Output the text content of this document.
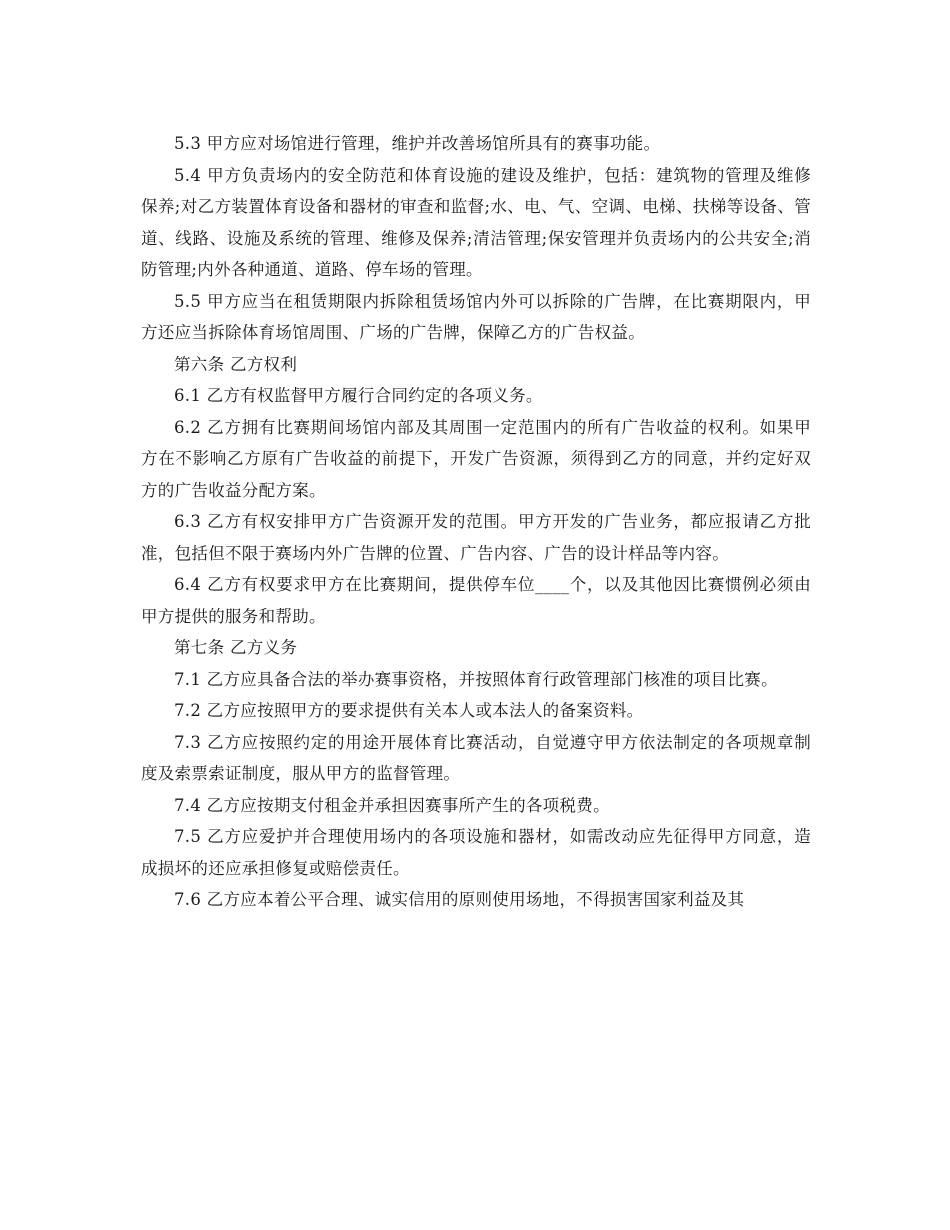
5.3 甲方应对场馆进行管理，维护并改善场馆所具有的赛事功能。

5.4 甲方负责场内的安全防范和体育设施的建设及维护，包括：建筑物的管理及维修保养;对乙方装置体育设备和器材的审查和监督;水、电、气、空调、电梯、扶梯等设备、管道、线路、设施及系统的管理、维修及保养;清洁管理;保安管理并负责场内的公共安全;消防管理;内外各种通道、道路、停车场的管理。

5.5 甲方应当在租赁期限内拆除租赁场馆内外可以拆除的广告牌，在比赛期限内，甲方还应当拆除体育场馆周围、广场的广告牌，保障乙方的广告权益。

第六条 乙方权利

6.1 乙方有权监督甲方履行合同约定的各项义务。

6.2 乙方拥有比赛期间场馆内部及其周围一定范围内的所有广告收益的权利。如果甲方在不影响乙方原有广告收益的前提下，开发广告资源，须得到乙方的同意，并约定好双方的广告收益分配方案。

6.3 乙方有权安排甲方广告资源开发的范围。甲方开发的广告业务，都应报请乙方批准，包括但不限于赛场内外广告牌的位置、广告内容、广告的设计样品等内容。

6.4 乙方有权要求甲方在比赛期间，提供停车位____个，以及其他因比赛惯例必须由甲方提供的服务和帮助。

第七条 乙方义务

7.1 乙方应具备合法的举办赛事资格，并按照体育行政管理部门核准的项目比赛。

7.2 乙方应按照甲方的要求提供有关本人或本法人的备案资料。

7.3 乙方应按照约定的用途开展体育比赛活动，自觉遵守甲方依法制定的各项规章制度及索票索证制度，服从甲方的监督管理。

7.4 乙方应按期支付租金并承担因赛事所产生的各项税费。

7.5 乙方应爱护并合理使用场内的各项设施和器材，如需改动应先征得甲方同意，造成损坏的还应承担修复或赔偿责任。

7.6 乙方应本着公平合理、诚实信用的原则使用场地，不得损害国家利益及其
